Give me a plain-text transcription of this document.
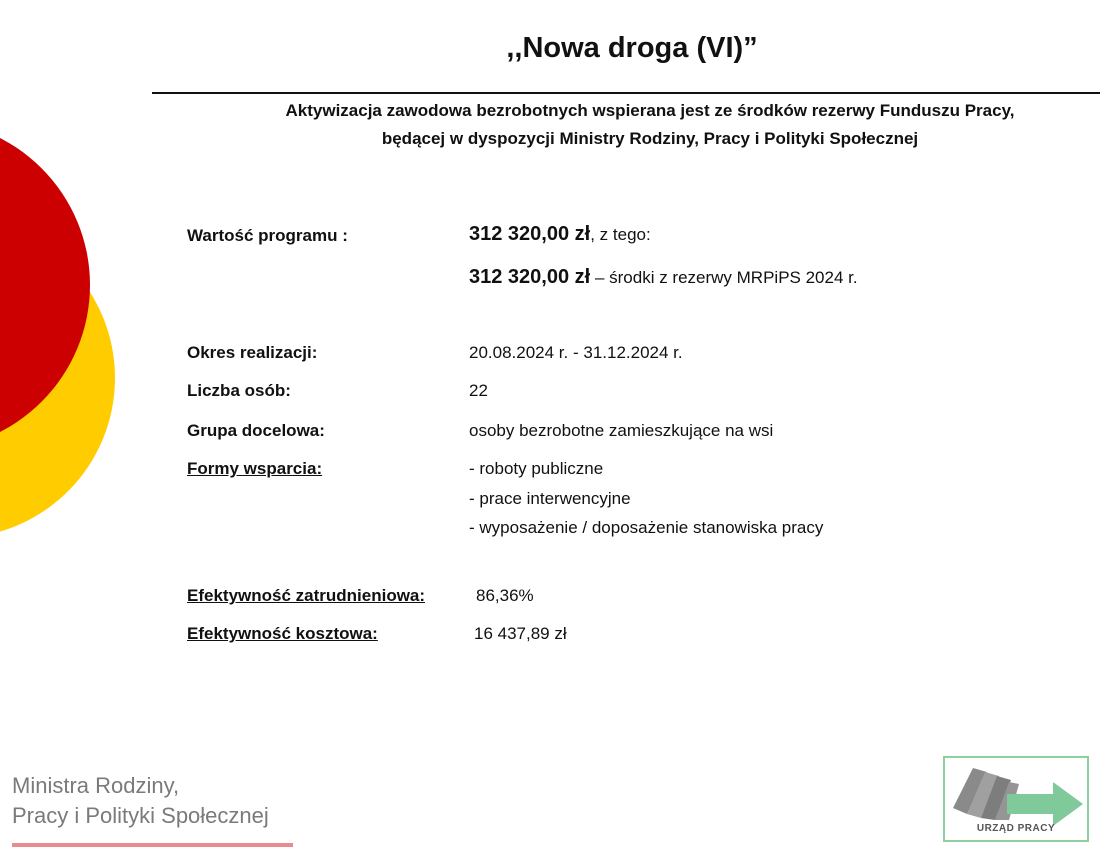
,,Nowa droga (VI)”
Aktywizacja zawodowa bezrobotnych wspierana jest ze środków rezerwy Funduszu Pracy,
będącej w dyspozycji Ministry Rodziny, Pracy i Polityki Społecznej
Wartość programu :	312 320,00 zł, z tego:
312 320,00 zł – środki z rezerwy MRPiPS 2024 r.
Okres realizacji:	20.08.2024 r. - 31.12.2024 r.
Liczba osób:	22
Grupa docelowa:	osoby bezrobotne zamieszkujące na wsi
Formy wsparcia:	- roboty publiczne
- prace interwencyjne
- wyposażenie / doposażenie stanowiska pracy
Efektywność zatrudnieniowa:	86,36%
Efektywność kosztowa:	16 437,89 zł
Ministra Rodziny,
Pracy i Polityki Społecznej
URZĄD PRACY
